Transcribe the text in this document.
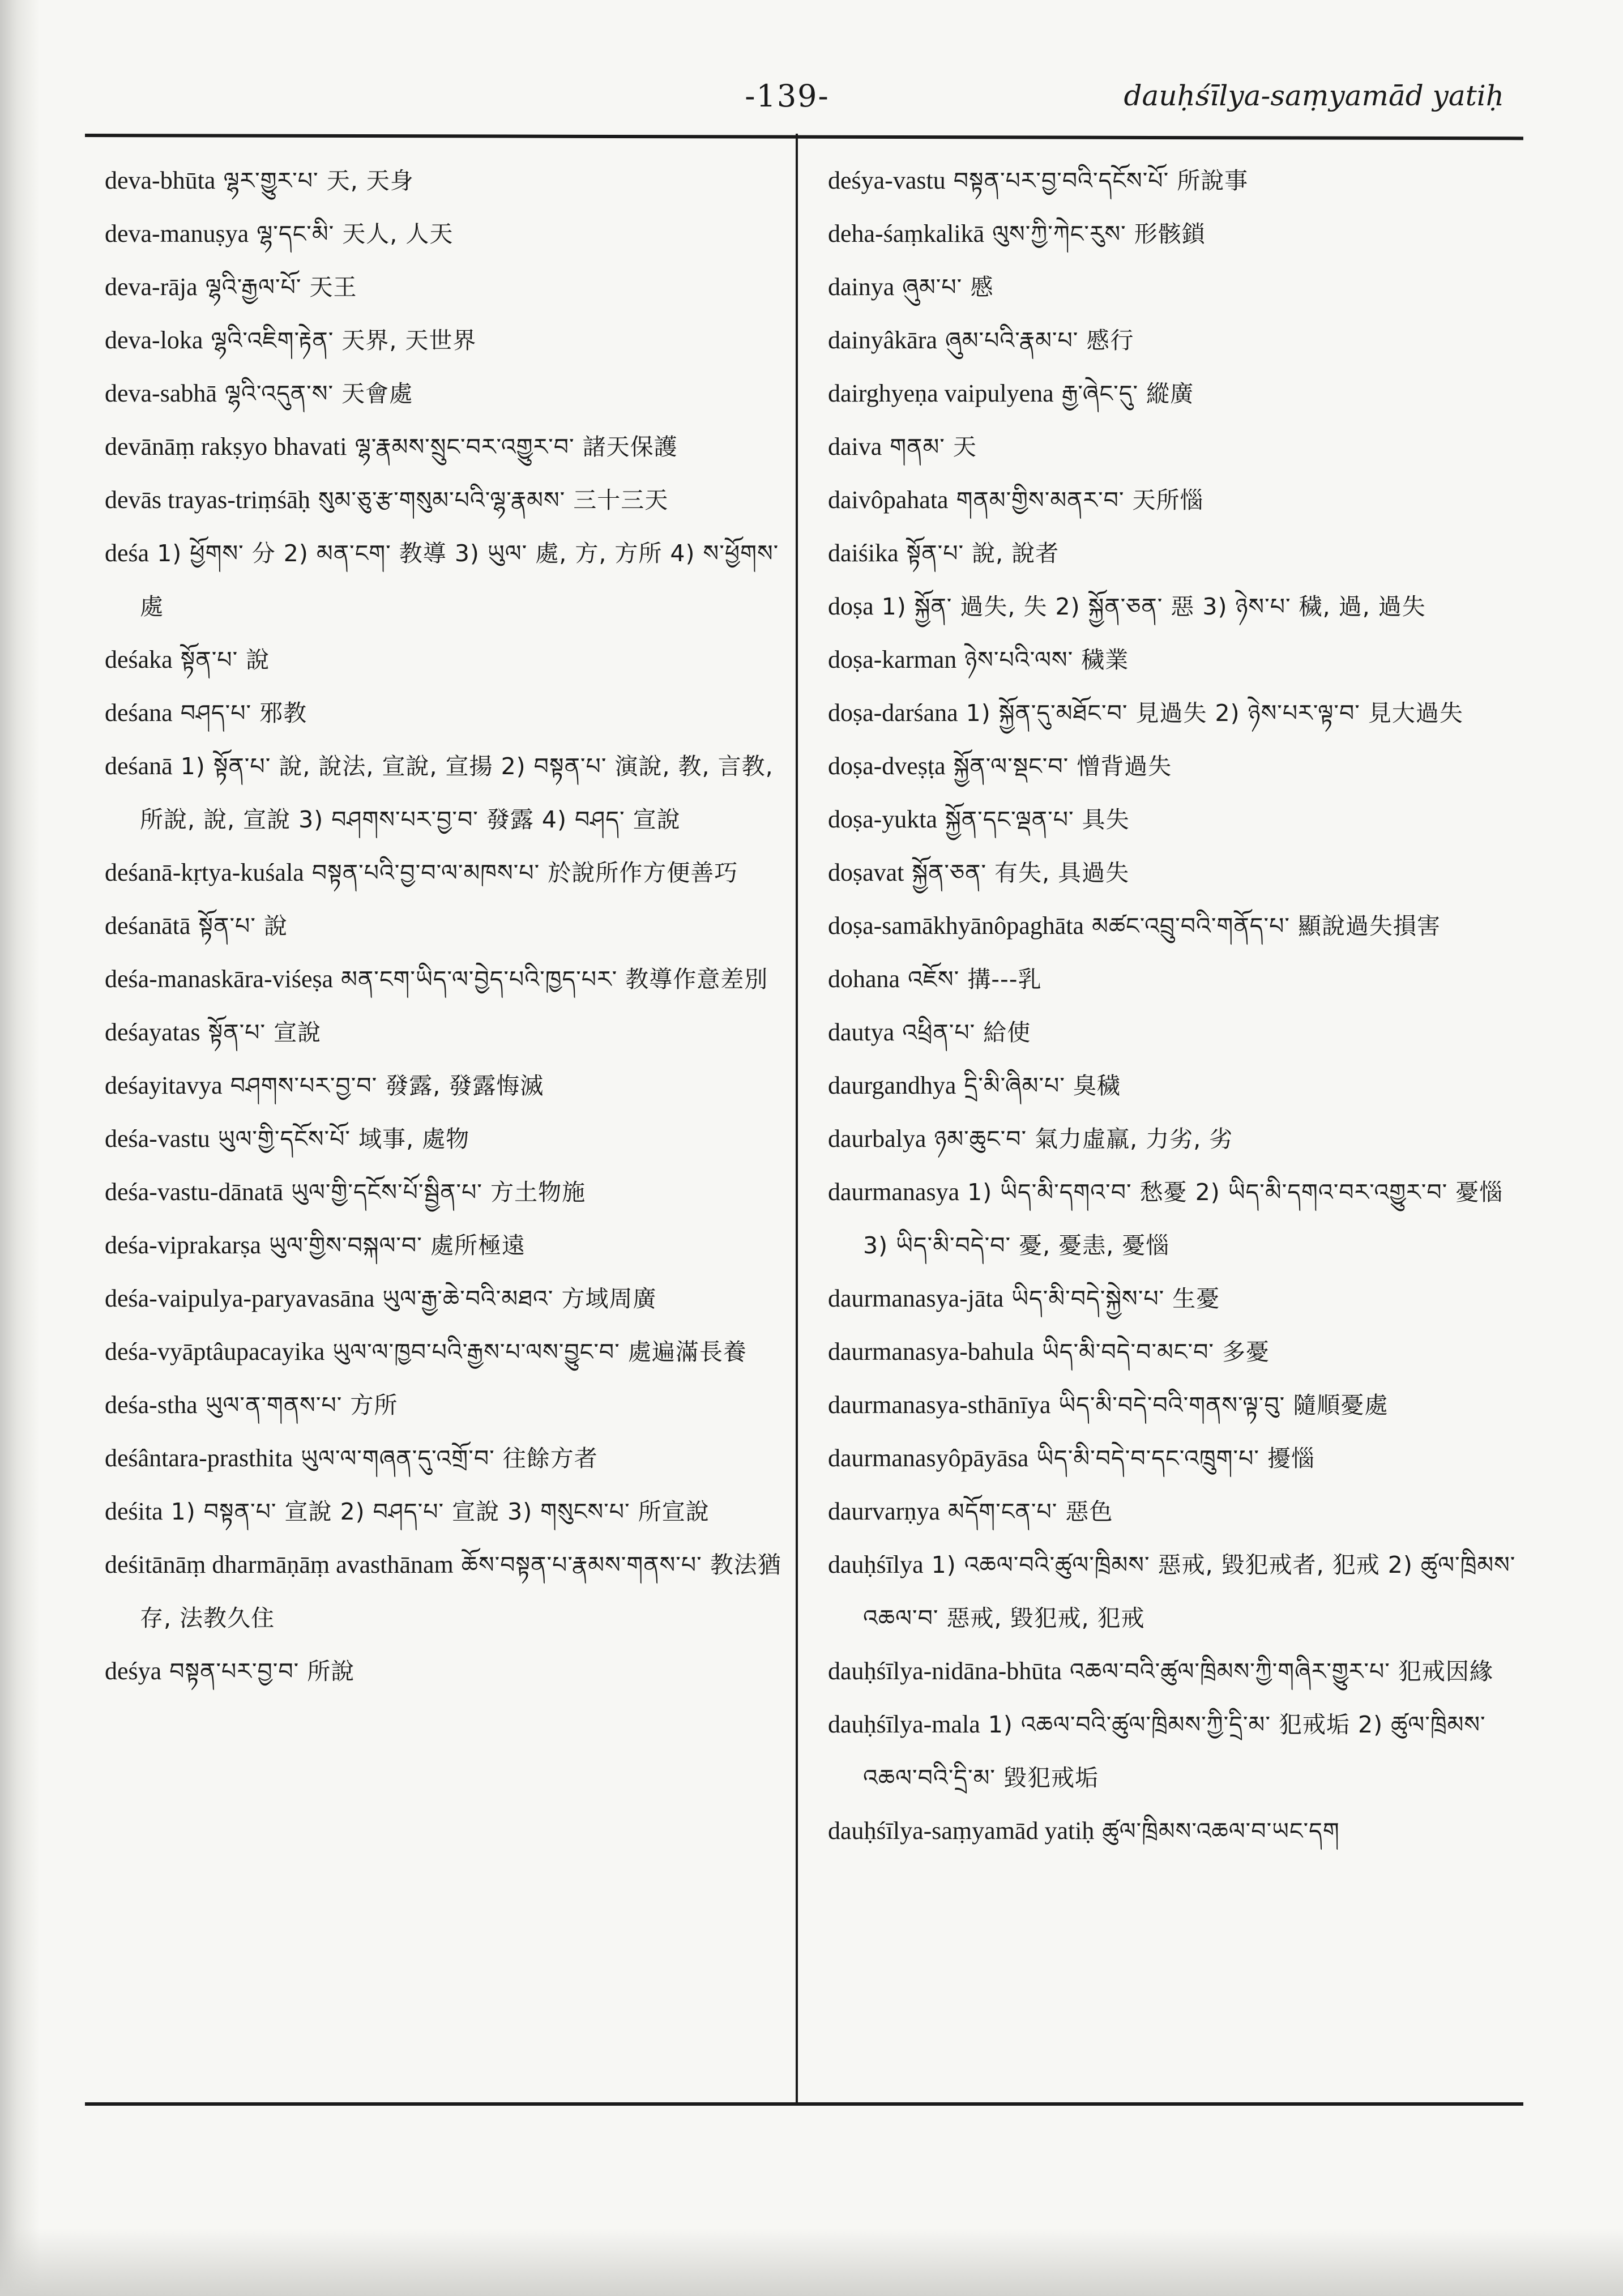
-139-	dauḥśīlya-saṃyamād yatiḥ
deva-bhūta ལྷར་གྱུར་པ་ 天, 天身
deva-manuṣya ལྷ་དང་མི་ 天人, 人天
deva-rāja ལྷའི་རྒྱལ་པོ་ 天王
deva-loka ལྷའི་འཇིག་རྟེན་ 天界, 天世界
deva-sabhā ལྷའི་འདུན་ས་ 天會處
devānāṃ rakṣyo bhavati ལྷ་རྣམས་སྲུང་བར་འགྱུར་བ་ 諸天保護
devās trayas-triṃśāḥ སུམ་ཅུ་རྩ་གསུམ་པའི་ལྷ་རྣམས་ 三十三天
deśa 1) ཕྱོགས་ 分 2) མན་ངག་ 教導 3) ཡུལ་ 處, 方, 方所 4) ས་ཕྱོགས་ 處
deśaka སྟོན་པ་ 說
deśana བཤད་པ་ 邪教
deśanā 1) སྟོན་པ་ 說, 說法, 宣說, 宣揚 2) བསྟན་པ་ 演說, 教, 言教, 所說, 說, 宣說 3) བཤགས་པར་བྱ་བ་ 發露 4) བཤད་ 宣說
deśanā-kṛtya-kuśala བསྟན་པའི་བྱ་བ་ལ་མཁས་པ་ 於說所作方便善巧
deśanātā སྟོན་པ་ 說
deśa-manaskāra-viśeṣa མན་ངག་ཡིད་ལ་བྱེད་པའི་ཁྱད་པར་ 教導作意差別
deśayatas སྟོན་པ་ 宣說
deśayitavya བཤགས་པར་བྱ་བ་ 發露, 發露悔滅
deśa-vastu ཡུལ་གྱི་དངོས་པོ་ 域事, 處物
deśa-vastu-dānatā ཡུལ་གྱི་དངོས་པོ་སྦྱིན་པ་ 方土物施
deśa-viprakarṣa ཡུལ་གྱིས་བསྐལ་བ་ 處所極遠
deśa-vaipulya-paryavasāna ཡུལ་རྒྱ་ཆེ་བའི་མཐའ་ 方域周廣
deśa-vyāptâupacayika ཡུལ་ལ་ཁྱབ་པའི་རྒྱས་པ་ལས་བྱུང་བ་ 處遍滿長養
deśa-stha ཡུལ་ན་གནས་པ་ 方所
deśântara-prasthita ཡུལ་ལ་གཞན་དུ་འགྲོ་བ་ 往餘方者
deśita 1) བསྟན་པ་ 宣說 2) བཤད་པ་ 宣說 3) གསུངས་པ་ 所宣說
deśitānāṃ dharmāṇāṃ avasthānam ཆོས་བསྟན་པ་རྣམས་གནས་པ་ 教法猶存, 法教久住
deśya བསྟན་པར་བྱ་བ་ 所說
deśya-vastu བསྟན་པར་བྱ་བའི་དངོས་པོ་ 所說事
deha-śaṃkalikā ལུས་ཀྱི་ཀེང་རུས་ 形骸鎖
dainya ཞུམ་པ་ 慼
dainyâkāra ཞུམ་པའི་རྣམ་པ་ 慼行
dairghyeṇa vaipulyena རྒྱ་ཞེང་དུ་ 縱廣
daiva གནམ་ 天
daivôpahata གནམ་གྱིས་མནར་བ་ 天所惱
daiśika སྟོན་པ་ 說, 說者
doṣa 1) སྐྱོན་ 過失, 失 2) སྐྱོན་ཅན་ 惡 3) ཉེས་པ་ 穢, 過, 過失
doṣa-karman ཉེས་པའི་ལས་ 穢業
doṣa-darśana 1) སྐྱོན་དུ་མཐོང་བ་ 見過失 2) ཉེས་པར་ལྟ་བ་ 見大過失
doṣa-dveṣṭa སྐྱོན་ལ་སྡང་བ་ 憎背過失
doṣa-yukta སྐྱོན་དང་ལྡན་པ་ 具失
doṣavat སྐྱོན་ཅན་ 有失, 具過失
doṣa-samākhyānôpaghāta མཚང་འབྲུ་བའི་གནོད་པ་ 顯說過失損害
dohana འཇོས་ 搆---乳
dautya འཕྲིན་པ་ 給使
daurgandhya དྲི་མི་ཞིམ་པ་ 臭穢
daurbalya ཉམ་ཆུང་བ་ 氣力虛羸, 力劣, 劣
daurmanasya 1) ཡིད་མི་དགའ་བ་ 愁憂 2) ཡིད་མི་དགའ་བར་འགྱུར་བ་ 憂惱 3) ཡིད་མི་བདེ་བ་ 憂, 憂恚, 憂惱
daurmanasya-jāta ཡིད་མི་བདེ་སྐྱེས་པ་ 生憂
daurmanasya-bahula ཡིད་མི་བདེ་བ་མང་བ་ 多憂
daurmanasya-sthānīya ཡིད་མི་བདེ་བའི་གནས་ལྟ་བུ་ 隨順憂處
daurmanasyôpāyāsa ཡིད་མི་བདེ་བ་དང་འཁྲུག་པ་ 擾惱
daurvarṇya མདོག་ངན་པ་ 惡色
dauḥśīlya 1) འཆལ་བའི་ཚུལ་ཁྲིམས་ 惡戒, 毀犯戒者, 犯戒 2) ཚུལ་ཁྲིམས་འཆལ་བ་ 惡戒, 毀犯戒, 犯戒
dauḥśīlya-nidāna-bhūta འཆལ་བའི་ཚུལ་ཁྲིམས་ཀྱི་གཞིར་གྱུར་པ་ 犯戒因緣
dauḥśīlya-mala 1) འཆལ་བའི་ཚུལ་ཁྲིམས་ཀྱི་དྲི་མ་ 犯戒垢 2) ཚུལ་ཁྲིམས་འཆལ་བའི་དྲི་མ་ 毀犯戒垢
dauḥśīlya-saṃyamād yatiḥ ཚུལ་ཁྲིམས་འཆལ་བ་ཡང་དག
